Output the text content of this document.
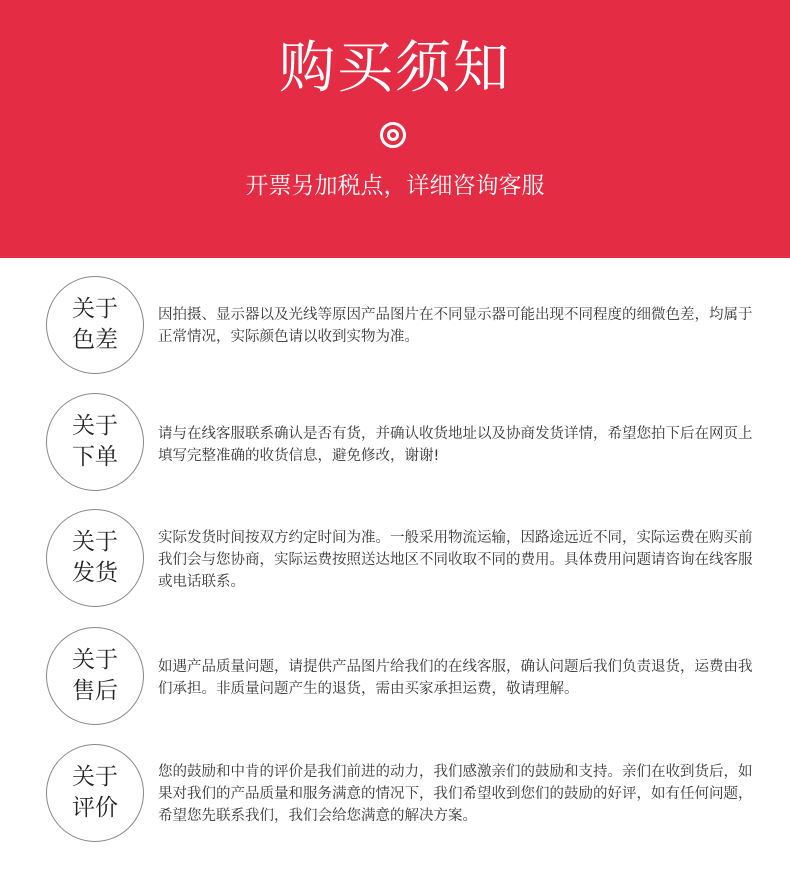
购买须知
开票另加税点，详细咨询客服
关于
色差
因拍摄、显示器以及光线等原因产品图片在不同显示器可能出现不同程度的细微色差，均属于正常情况，实际颜色请以收到实物为准。
关于
下单
请与在线客服联系确认是否有货，并确认收货地址以及协商发货详情，希望您拍下后在网页上填写完整准确的收货信息，避免修改，谢谢!
关于
发货
实际发货时间按双方约定时间为准。一般采用物流运输，因路途远近不同，实际运费在购买前我们会与您协商，实际运费按照送达地区不同收取不同的费用。具体费用问题请咨询在线客服或电话联系。
关于
售后
如遇产品质量问题，请提供产品图片给我们的在线客服，确认问题后我们负责退货，运费由我们承担。非质量问题产生的退货，需由买家承担运费，敬请理解。
关于
评价
您的鼓励和中肯的评价是我们前进的动力，我们感激亲们的鼓励和支持。亲们在收到货后，如果对我们的产品质量和服务满意的情况下，我们希望收到您们的鼓励的好评，如有任何问题，希望您先联系我们，我们会给您满意的解决方案。
